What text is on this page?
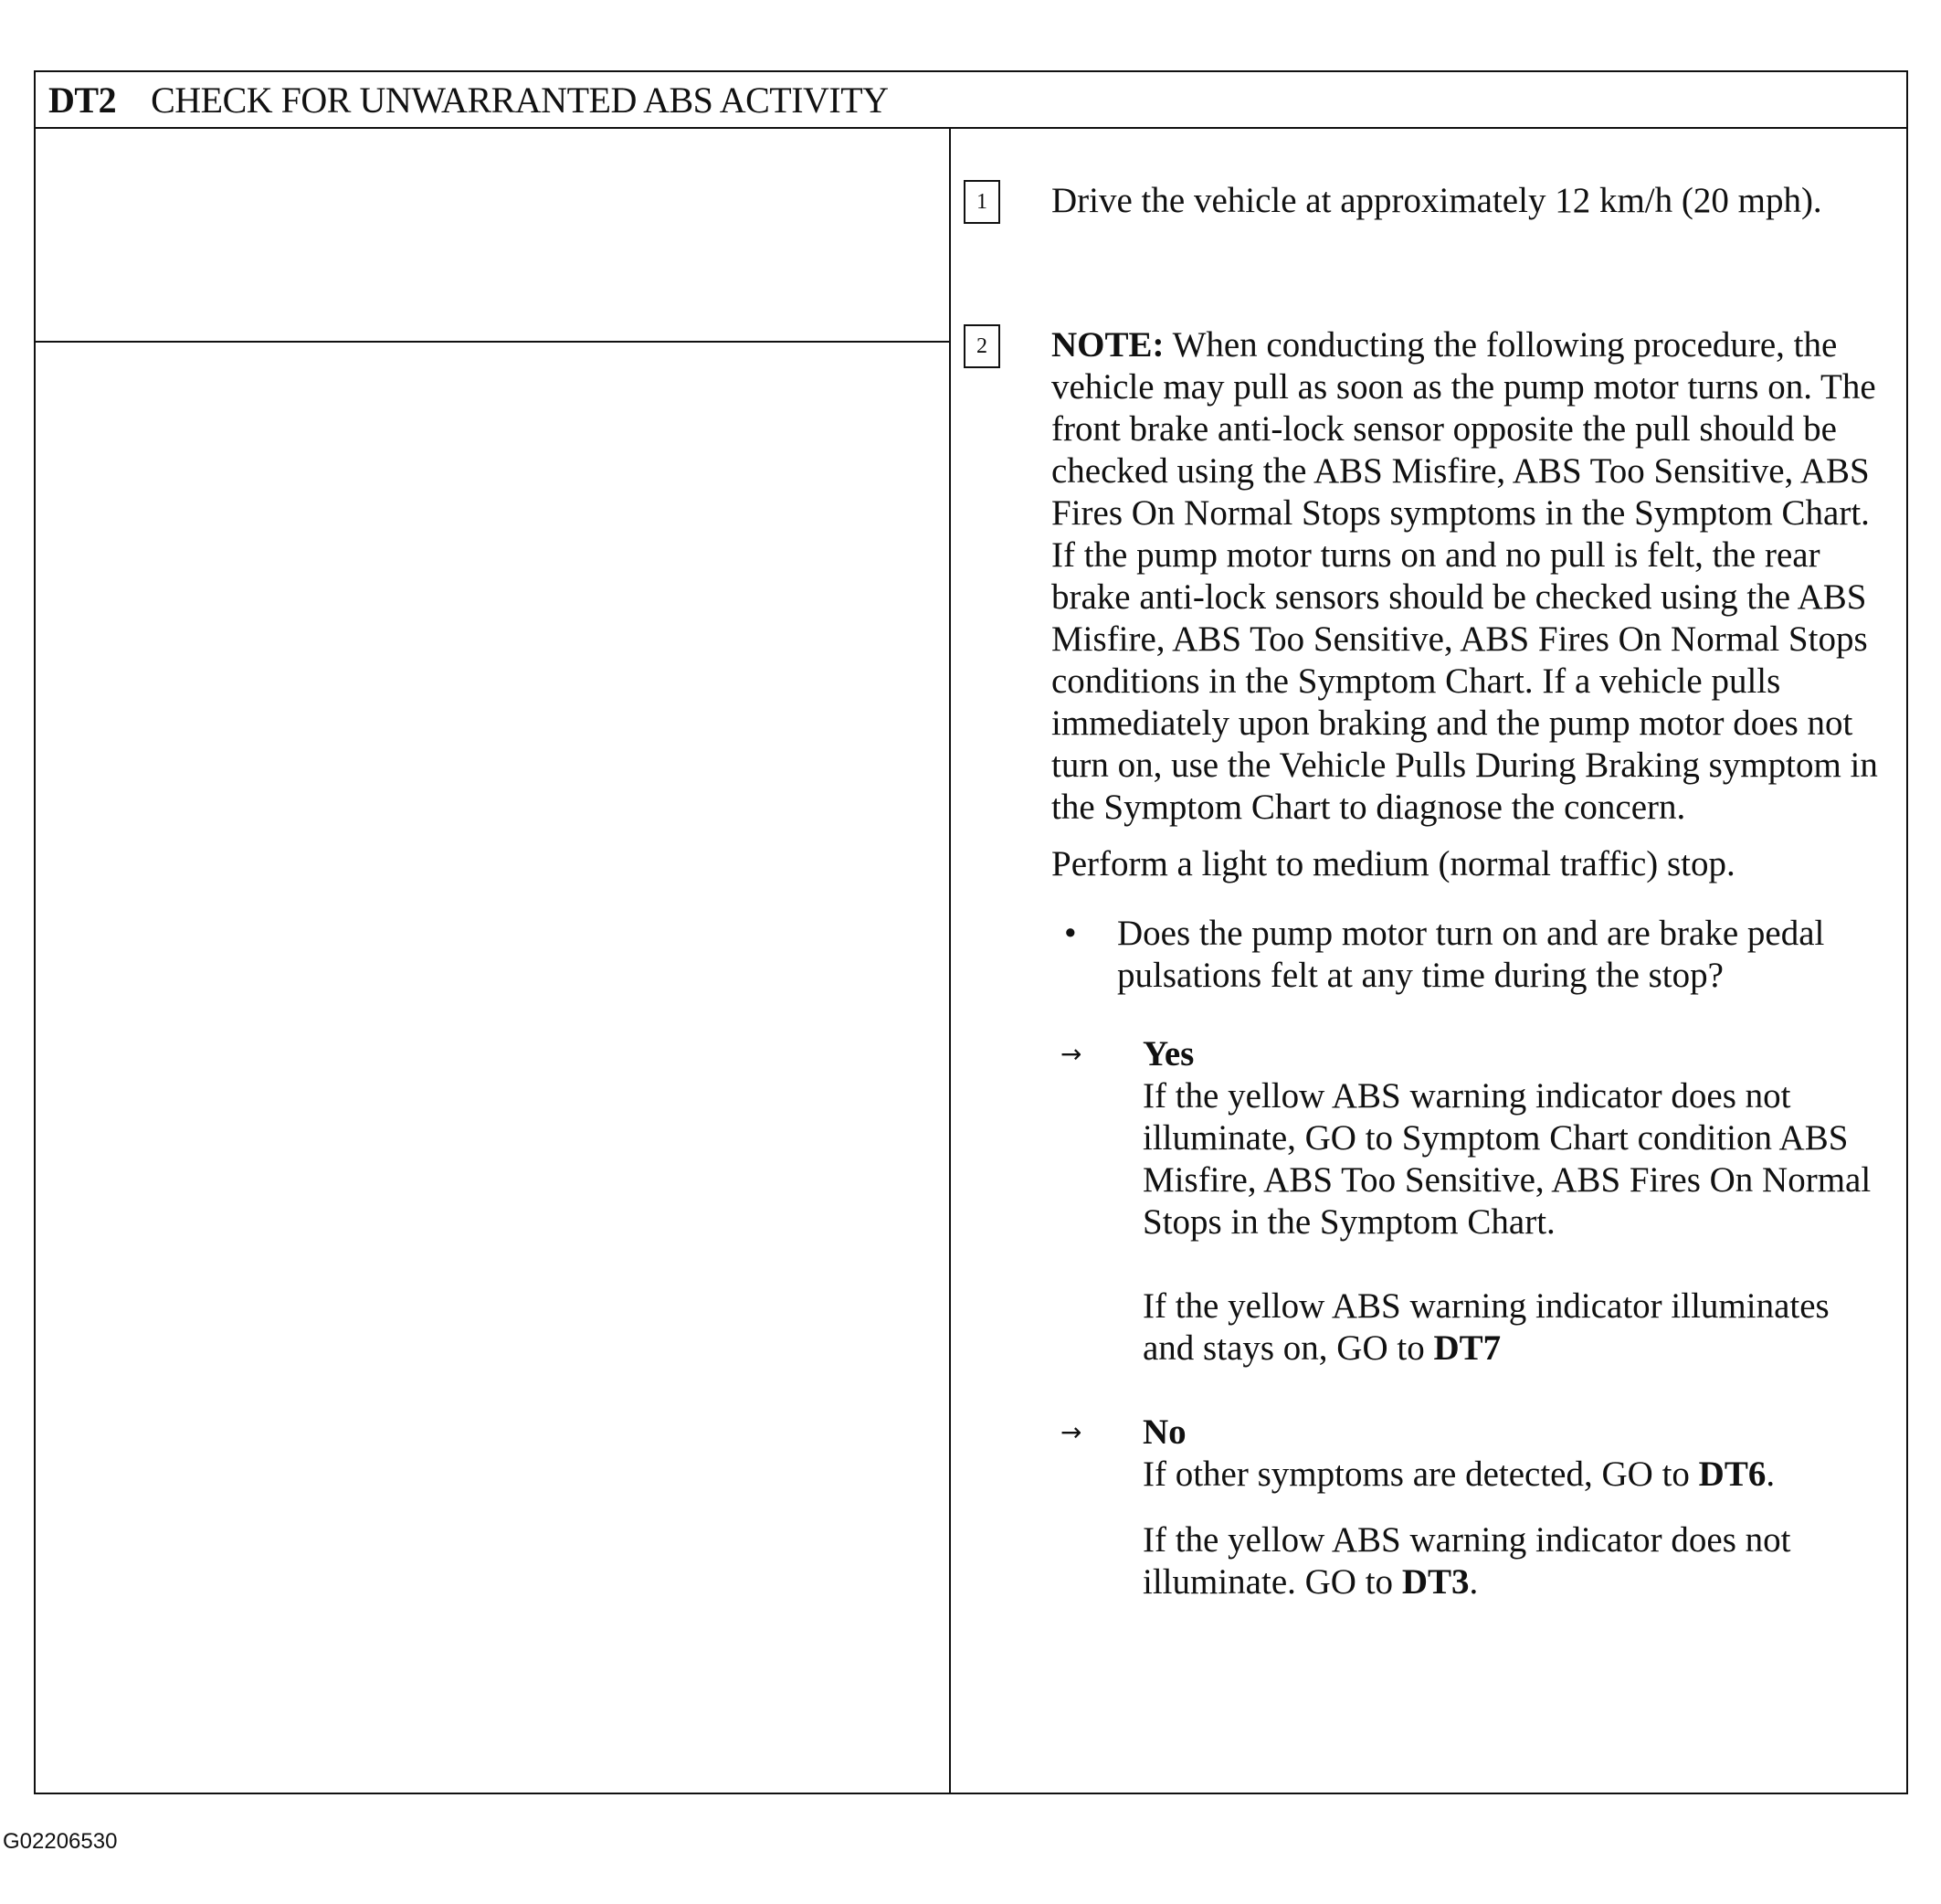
DT2 CHECK FOR UNWARRANTED ABS ACTIVITY
1	Drive the vehicle at approximately 12 km/h (20 mph).

2	NOTE: When conducting the following procedure, the vehicle may pull as soon as the pump motor turns on. The front brake anti-lock sensor opposite the pull should be checked using the ABS Misfire, ABS Too Sensitive, ABS Fires On Normal Stops symptoms in the Symptom Chart. If the pump motor turns on and no pull is felt, the rear brake anti-lock sensors should be checked using the ABS Misfire, ABS Too Sensitive, ABS Fires On Normal Stops conditions in the Symptom Chart. If a vehicle pulls immediately upon braking and the pump motor does not turn on, use the Vehicle Pulls During Braking symptom in the Symptom Chart to diagnose the concern.

Perform a light to medium (normal traffic) stop.

• Does the pump motor turn on and are brake pedal pulsations felt at any time during the stop?
→ Yes
If the yellow ABS warning indicator does not illuminate, GO to Symptom Chart condition ABS Misfire, ABS Too Sensitive, ABS Fires On Normal Stops in the Symptom Chart.
If the yellow ABS warning indicator illuminates and stays on, GO to DT7
→ No
If other symptoms are detected, GO to DT6.
If the yellow ABS warning indicator does not illuminate. GO to DT3.
G02206530
